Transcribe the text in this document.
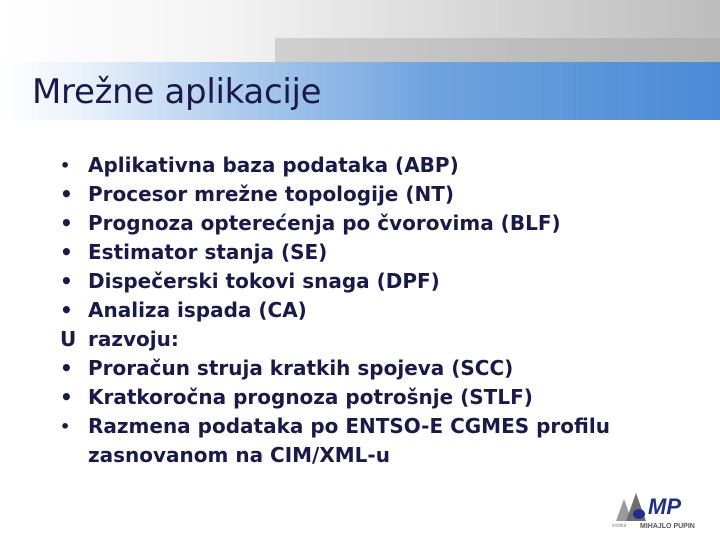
Mrežne aplikacije
• Aplikativna baza podataka (ABP)
• Procesor mrežne topologije (NT)
• Prognoza opterećenja po čvorovima (BLF)
• Estimator stanja (SE)
• Dispečerski tokovi snaga (DPF)
• Analiza ispada (CA)
U razvoju:
• Proračun struja kratkih spojeva (SCC)
• Kratkoročna prognoza potrošnje (STLF)
• Razmena podataka po ENTSO-E CGMES profilu
zasnovanom na CIM/XML-u
MP
institut MIHAJLO PUPIN
